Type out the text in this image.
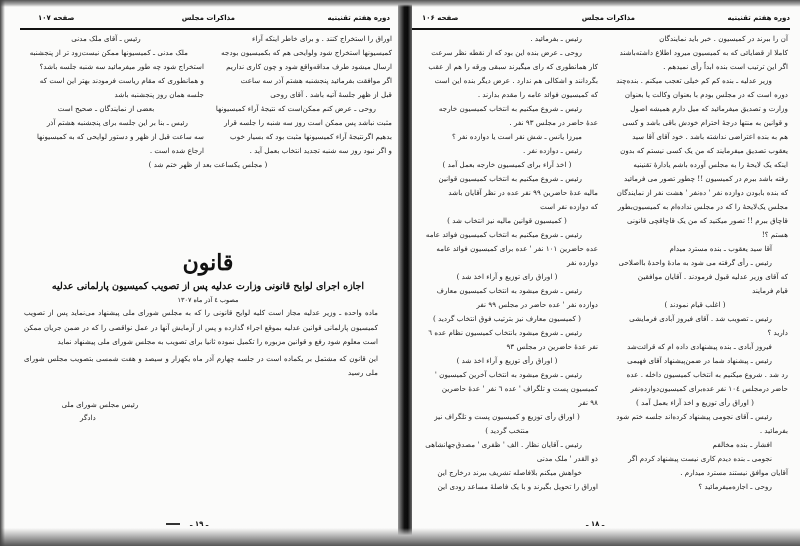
دوره هفتم تقنینیه
مذاکرات مجلس
صفحه ۱۰۷

اوراق را استخراج کنند . و برای خاطر اینکه آراء

کمیسیونها استخراج شود ولوایحی هم که بکمیسیون بودجه

ارسال میشود طرف مداقه‌واقع شود و چون کاری نداریم

اگر موافقت بفرمائید پنجشنبه هشتم آذر سه ساعت

قبل از ظهر جلسهٔ آتیه باشد . آقای روحی

روحی ـ عرض کنم ممکن‌است که نتیجهٔ آراء کمیسیونها

مثبت نباشد پس ممکن است روز سه شنبه را جلسه قرار

بدهیم اگرنتیجهٔ آراء کمیسیونها مثبت بود که بسیار خوب

و اگر نبود روز سه شنبه تجدید انتخاب بعمل آید .

رئیس ـ آقای ملک مدنی

ملک مدنی ـ کمیسیونها ممکن نیست‌زود تر از پنجشنبه

استخراج شود چه طور میفرمائید سه شنبه جلسه باشد؟

و همانطوری که مقام ریاست فرمودند بهتر این است که

جلسه همان روز پنجشنبه باشد

بعضی از نمایندگان ـ صحیح است

رئیس ـ بنا بر این جلسه برای پنجشنبه هشتم آذر

سه ساعت قبل از ظهر و دستور لوایحی که به کمیسیونها

ارجاع شده است .

( مجلس یکساعت بعد از ظهر ختم شد )

قانون
اجازه اجرای لوایح قانونی وزارت عدلیه پس از تصویب کمیسیون پارلمانی عدلیه
مصوب ٤ آذر ماه ۱۳۰۷

ماده واحده ـ وزیر عدلیه مجاز است کلیه لوایح قانونی را که به مجلس شورای ملی پیشنهاد می‌نماید پس از تصویب کمیسیون پارلمانی قوانین عدلیه بموقع اجراء گذارده و پس از آزمایش آنها در عمل نواقصی را که در ضمن جریان ممکن است معلوم شود رفع و قوانین مزبوره را تکمیل نموده ثانیا برای تصویب به مجلس شورای ملی پیشنهاد نماید

این قانون که مشتمل بر یکماده است در جلسه چهارم آذر ماه یکهزار و سیصد و هفت شمسی بتصویب مجلس شورای ملی رسید

رئیس مجلس شورای ملی

دادگر

ـ ۱۹ ـ
دوره هفتم تقنینیه
مذاکرات مجلس
صفحه ۱۰۶

آن را ببرند در کمیسیون . خبر باید نمایندگان

کاملا از قضایائی که به کمیسیون میرود اطلاع داشته‌باشند

اگر این ترتیب است بنده ابداً رأی نمیدهم .

وزیر عدلیه ـ بنده کم کم خیلی تعجب میکنم . بنده‌چند

دوره است که در مجلس بودم با بعنوان وکالت یا بعنوان

وزارت و تصدیق میفرمائید که میل دارم همیشه اصول

و قوانین به منتها درجهٔ احترام خودش باقی باشد و کسی

هم به بنده اعتراضی نداشته باشد . خود آقای آقا سید

یعقوب تصدیق میفرمایند که من یک کسی نیستم که بدون

اینکه یک لایحهٔ را به مجلس آورده باشم یادارهٔ تقنینیه

رفته باشد ببرم در کمیسیون !! چطور تصور می فرمائید

که بنده بابودن دوازده نفر ' ده‌نفر ' هشت نفر از نمایندگان

مجلس یک‌لایحهٔ را که در مجلس نداده‌ام به کمیسیون‌بطور

قاچاق ببرم !! تصور میکنید که من یک قاچاقچی قانونی

هستم ؟!

آقا سید یعقوب ـ بنده مسترد میدام

رئیس ـ رأی گرفته می شود به مادهٔ واحدهٔ بااصلاحی

که آقای وزیر عدلیه قبول فرمودند . آقایان موافقین

قیام فرمایند

( اغلب قیام نمودند )

رئیس ـ تصویب شد . آقای فیروز آبادی فرمایشی

دارید ؟

فیروز آبادی ـ بنده پیشنهادی داده ام که قرائت‌شد

رئیس ـ پیشنهاد شما در ضمن‌پیشنهاد آقای فهیمی

رد شد . شروع میکنیم به انتخاب کمیسیون داخله . عده

حاضر درمجلس ۱۰٤ نفر عده‌برای کمیسیون‌دوازده‌نفر

( اوراق رأی توزیع و اخذ آراء بعمل آمد )

رئیس ـ آقای نجومی پیشنهاد کرده‌اند جلسه ختم شود

بفرمائید .

افشار ـ بنده مخالفم

نجومی ـ بنده دیدم کاری نیست پیشنهاد کردم اگر

آقایان موافق نیستند مسترد میدارم .

روحی ـ اجازه‌میفرمائید ؟

رئیس ـ بفرمائید .

روحی ـ عرض بنده این بود که از نقطه نظر سرعت

کار همانطوری که رای میگیرند سبقی ورقه را هم از عقب

بگردانند و اشکالی هم ندارد . عرض دیگر بنده این است

که کمیسیون فوائد عامه را مقدم بدارند .

رئیس ـ شروع میکنیم به انتخاب کمیسیون خارجه

عدهٔ حاضر در مجلس ۹۳ نفر .

میرزا یانس ـ شش نفر است یا دوازده نفر ؟

رئیس ـ دوازده نفر .

( اخذ آراء برای کمیسیون خارجه بعمل آمد )

رئیس ـ شروع میکنیم به انتخاب کمیسیون قوانین

مالیه عدهٔ حاضرین ۹۹ نفر عده در نظر آقایان باشد

که دوازده نفر است

( کمیسیون قوانین مالیه نیز انتخاب شد )

رئیس ـ شروع میکنیم به انتخاب کمیسیون فوائد عامه

عده حاضرین ۱۰۱ نفر ' عده برای کمیسیون فوائد عامه

دوازده نفر

( اوراق رای توزیع و آراء اخذ شد )

رئیس ـ شروع میشود به انتخاب کمیسیون معارف

دوازده نفر ' عده حاضر در مجلس ۹۹ نفر

( کمیسیون معارف نیز بترتیب فوق انتخاب گردید )

رئیس ـ شروع میشود بانتخاب کمیسیون نظام عده ٦

نفر عدهٔ حاضرین در مجلس ۹۳

( اوراق رأی توزیع و آراء اخذ شد )

رئیس ـ شروع میشود به انتخاب آخرین کمیسیون '

کمیسیون پست و تلگراف ' عده ٦ نفر ' عدهٔ حاضرین

۹۸ نفر

( اوراق رأی توزیع و کمیسیون پست و تلگراف نیز

منتخب گردید )

رئیس ـ آقایان نظار . الف ' ظفری ' مصدق‌جهانشاهی

ذو القدر ' ملک مدنی

خواهش میکنم بلافاصله تشریف ببرند درخارج این

اوراق را تحویل بگیرند و با یک فاصلهٔ مساعد زودی این

ـ ۱۸ ـ
